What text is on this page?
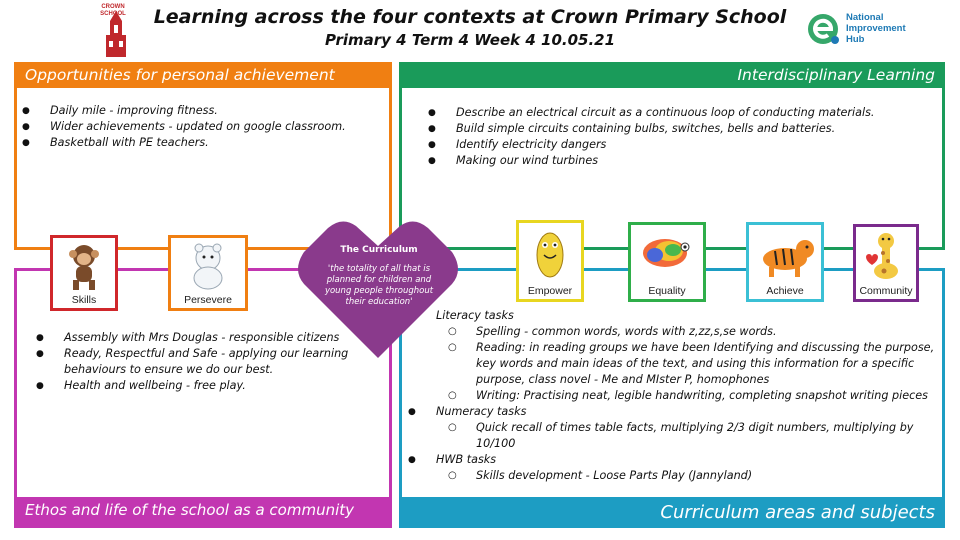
Learning across the four contexts at Crown Primary School
Primary 4 Term 4 Week 4 10.05.21
CROWN SCHOOL	National Improvement Hub
Opportunities for personal achievement	Interdisciplinary Learning
Ethos and life of the school as a community	Curriculum areas and subjects
● Daily mile - improving fitness.
● Wider achievements - updated on google classroom.
● Basketball with PE teachers.
● Describe an electrical circuit as a continuous loop of conducting materials.
● Build simple circuits containing bulbs, switches, bells and batteries.
● Identify electricity dangers
● Making our wind turbines
● Assembly with Mrs Douglas - responsible citizens
● Ready, Respectful and Safe - applying our learning behaviours to ensure we do our best.
● Health and wellbeing - free play.
● Literacy tasks
○ Spelling - common words, words with z,zz,s,se words.
○ Reading: in reading groups we have been Identifying and discussing the purpose, key words and main ideas of the text, and using this information for a specific purpose, class novel - Me and MIster P, homophones
○ Writing: Practising neat, legible handwriting, completing snapshot writing pieces
● Numeracy tasks
○ Quick recall of times table facts, multiplying 2/3 digit numbers, multiplying by 10/100
● HWB tasks
○ Skills development - Loose Parts Play (Jannyland)
The Curriculum
'the totality of all that is planned for children and young people throughout their education'
Skills	Persevere
Empower	Equality	Achieve	Community
